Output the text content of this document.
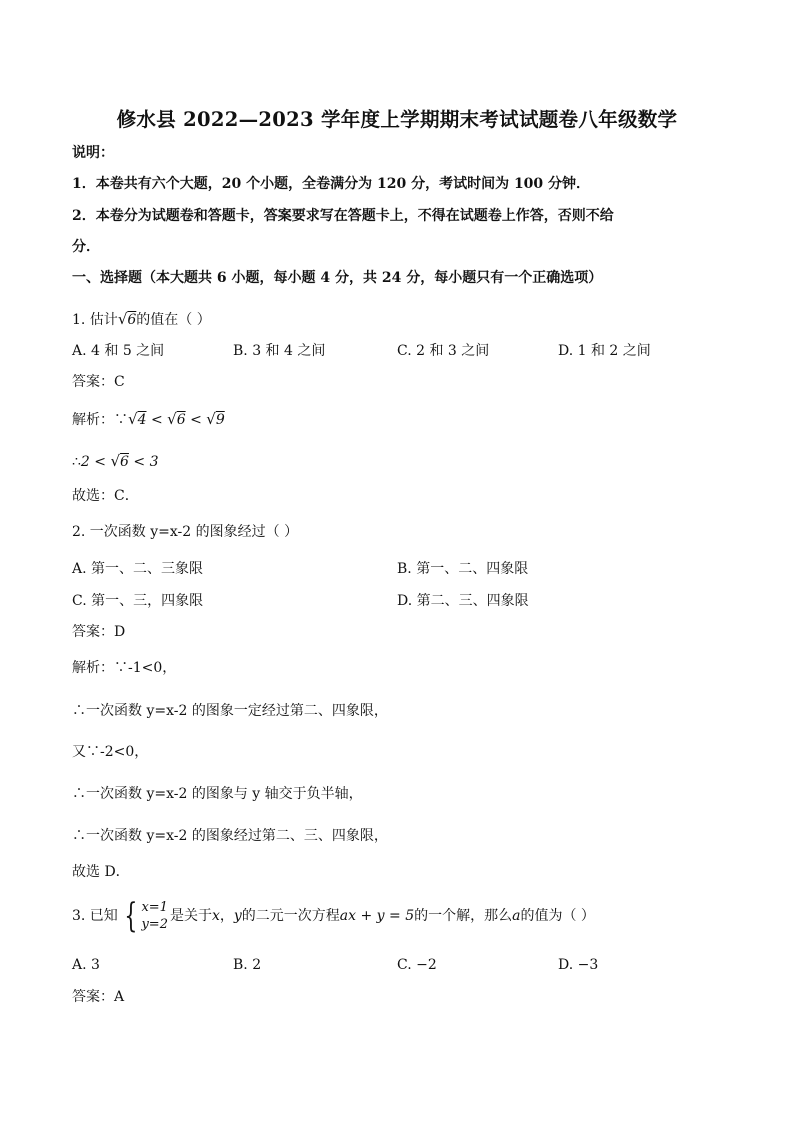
修水县 2022—2023 学年度上学期期末考试试题卷八年级数学
说明：
1．本卷共有六个大题，20 个小题，全卷满分为 120 分，考试时间为 100 分钟．
2．本卷分为试题卷和答题卡，答案要求写在答题卡上，不得在试题卷上作答，否则不给
分．
一、选择题（本大题共 6 小题，每小题 4 分，共 24 分，每小题只有一个正确选项）
1. 估计√6的值在（ ）
A. 4 和 5 之间	B. 3 和 4 之间	C. 2 和 3 之间	D. 1 和 2 之间
答案：C
解析：∵√4 < √6 < √9
∴2 < √6 < 3
故选：C．
2. 一次函数 y=x-2 的图象经过（ ）
A. 第一、二、三象限	B. 第一、二、四象限
C. 第一、三，四象限	D. 第二、三、四象限
答案：D
解析：∵-1<0，
∴一次函数 y=x-2 的图象一定经过第二、四象限，
又∵-2<0，
∴一次函数 y=x-2 的图象与 y 轴交于负半轴，
∴一次函数 y=x-2 的图象经过第二、三、四象限，
故选 D．
3. 已知 { x=1
y=2
是关于x，y的二元一次方程ax + y = 5的一个解，那么a的值为（ ）
A. 3	B. 2	C. −2	D. −3
答案：A
